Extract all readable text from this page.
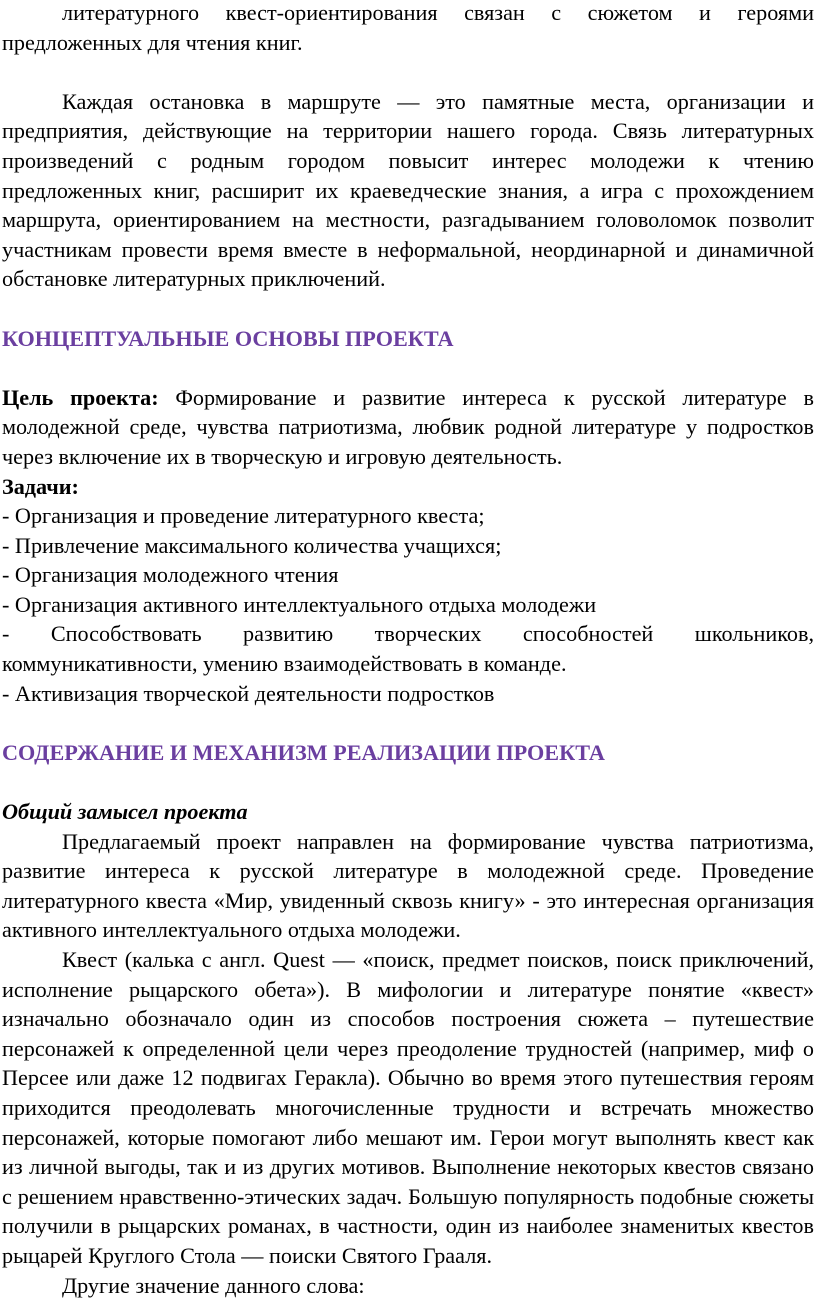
литературного квест-ориентирования связан с сюжетом и героями предложенных для чтения книг.

Каждая остановка в маршруте — это памятные места, организации и предприятия, действующие на территории нашего города. Связь литературных произведений с родным городом повысит интерес молодежи к чтению предложенных книг, расширит их краеведческие знания, а игра с прохождением маршрута, ориентированием на местности, разгадыванием головоломок позволит участникам провести время вместе в неформальной, неординарной и динамичной обстановке литературных приключений.

КОНЦЕПТУАЛЬНЫЕ ОСНОВЫ ПРОЕКТА

Цель проекта: Формирование и развитие интереса к русской литературе в молодежной среде, чувства патриотизма, любвик родной литературе у подростков через включение их в творческую и игровую деятельность.

Задачи:

- Организация и проведение литературного квеста;

- Привлечение максимального количества учащихся;

- Организация молодежного чтения

- Организация активного интеллектуального отдыха молодежи

- Способствовать развитию творческих способностей школьников, коммуникативности, умению взаимодействовать в команде.

- Активизация творческой деятельности подростков

СОДЕРЖАНИЕ И МЕХАНИЗМ РЕАЛИЗАЦИИ ПРОЕКТА

Общий замысел проекта

Предлагаемый проект направлен на формирование чувства патриотизма, развитие интереса к русской литературе в молодежной среде. Проведение литературного квеста «Мир, увиденный сквозь книгу» - это интересная организация активного интеллектуального отдыха молодежи.

Квест (калька с англ. Quest — «поиск, предмет поисков, поиск приключений, исполнение рыцарского обета»). В мифологии и литературе понятие «квест» изначально обозначало один из способов построения сюжета – путешествие персонажей к определенной цели через преодоление трудностей (например, миф о Персее или даже 12 подвигах Геракла). Обычно во время этого путешествия героям приходится преодолевать многочисленные трудности и встречать множество персонажей, которые помогают либо мешают им. Герои могут выполнять квест как из личной выгоды, так и из других мотивов. Выполнение некоторых квестов связано с решением нравственно-этических задач. Большую популярность подобные сюжеты получили в рыцарских романах, в частности, один из наиболее знаменитых квестов рыцарей Круглого Стола — поиски Святого Грааля.

Другие значение данного слова:
